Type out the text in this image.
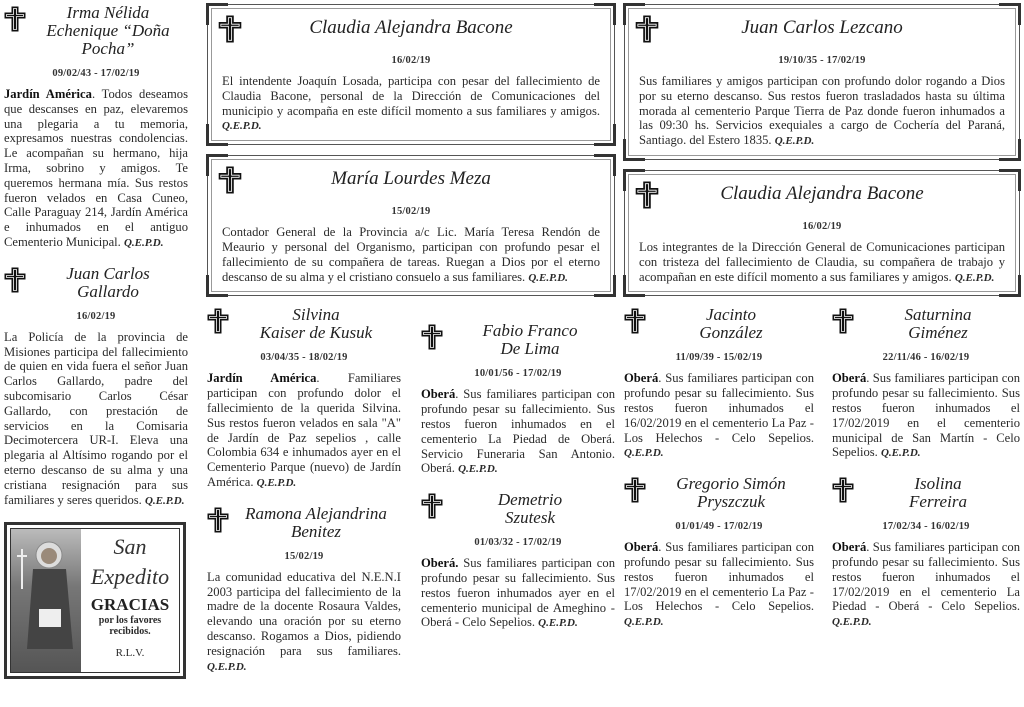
Irma Nélida
Echenique “Doña Pocha”
09/02/43 - 17/02/19
Jardín América. Todos deseamos que descanses en paz, elevaremos una plegaria a tu memoria, expresamos nuestras condolencias. Le acompañan su hermano, hija Irma, sobrino y amigos. Te queremos hermana mía. Sus restos fueron velados en Casa Cuneo, Calle Paraguay 214, Jardín América e inhumados en el antiguo Cementerio Municipal. Q.E.P.D.
Juan Carlos
Gallardo
16/02/19
La Policía de la provincia de Misiones participa del fallecimiento de quien en vida fuera el señor Juan Carlos Gallardo, padre del subcomisario Carlos César Gallardo, con prestación de servicios en la Comisaria Decimotercera UR-I. Eleva una plegaria al Altísimo rogando por el eterno descanso de su alma y una cristiana resignación para sus familiares y seres queridos. Q.E.P.D.
San
Expedito
GRACIAS
por los favores recibidos.
R.L.V.
Claudia Alejandra Bacone
16/02/19
El intendente Joaquín Losada, participa con pesar del fallecimiento de Claudia Bacone, personal de la Dirección de Comunicaciones del municipio y acompaña en este difícil momento a sus familiares y amigos. Q.E.P.D.
María Lourdes Meza
15/02/19
Contador General de la Provincia a/c Lic. María Teresa Rendón de Meaurio y personal del Organismo, participan con profundo pesar el fallecimiento de su compañera de tareas. Ruegan a Dios por el eterno descanso de su alma y el cristiano consuelo a sus familiares. Q.E.P.D.
Silvina
Kaiser de Kusuk
03/04/35 - 18/02/19
Jardín América. Familiares participan con profundo dolor el fallecimiento de la querida Silvina. Sus restos fueron velados en sala "A" de Jardín de Paz sepelios , calle Colombia 634 e inhumados ayer en el Cementerio Parque (nuevo) de Jardín América. Q.E.P.D.
Ramona Alejandrina
Benitez
15/02/19
La comunidad educativa del N.E.N.I 2003 participa del fallecimiento de la madre de la docente Rosaura Valdes, elevando una oración por su eterno descanso. Rogamos a Dios, pidiendo resignación para sus familiares. Q.E.P.D.
Fabio Franco
De Lima
10/01/56 - 17/02/19
Oberá. Sus familiares participan con profundo pesar su fallecimiento. Sus restos fueron inhumados en el cementerio La Piedad de Oberá. Servicio Funeraria San Antonio. Oberá. Q.E.P.D.
Demetrio
Szutesk
01/03/32 - 17/02/19
Oberá. Sus familiares participan con profundo pesar su fallecimiento. Sus restos fueron inhumados ayer en el cementerio municipal de Ameghino - Oberá - Celo Sepelios. Q.E.P.D.
Juan Carlos Lezcano
19/10/35 - 17/02/19
Sus familiares y amigos participan con profundo dolor rogando a Dios por su eterno descanso. Sus restos fueron trasladados hasta su última morada al cementerio Parque Tierra de Paz donde fueron inhumados a las 09:30 hs. Servicios exequiales a cargo de Cochería del Paraná, Santiago. del Estero 1835. Q.E.P.D.
Claudia Alejandra Bacone
16/02/19
Los integrantes de la Dirección General de Comunicaciones participan con tristeza del fallecimiento de Claudia, su compañera de trabajo y acompañan en este difícil momento a sus familiares y amigos. Q.E.P.D.
Jacinto
González
11/09/39 - 15/02/19
Oberá. Sus familiares participan con profundo pesar su fallecimiento. Sus restos fueron inhumados el 16/02/2019 en el cementerio La Paz - Los Helechos - Celo Sepelios. Q.E.P.D.
Gregorio Simón
Pryszczuk
01/01/49 - 17/02/19
Oberá. Sus familiares participan con profundo pesar su fallecimiento. Sus restos fueron inhumados el 17/02/2019 en el cementerio La Paz - Los Helechos - Celo Sepelios. Q.E.P.D.
Saturnina
Giménez
22/11/46 - 16/02/19
Oberá. Sus familiares participan con profundo pesar su fallecimiento. Sus restos fueron inhumados el 17/02/2019 en el cementerio municipal de San Martín - Celo Sepelios. Q.E.P.D.
Isolina
Ferreira
17/02/34 - 16/02/19
Oberá. Sus familiares participan con profundo pesar su fallecimiento. Sus restos fueron inhumados el 17/02/2019 en el cementerio La Piedad - Oberá - Celo Sepelios. Q.E.P.D.
